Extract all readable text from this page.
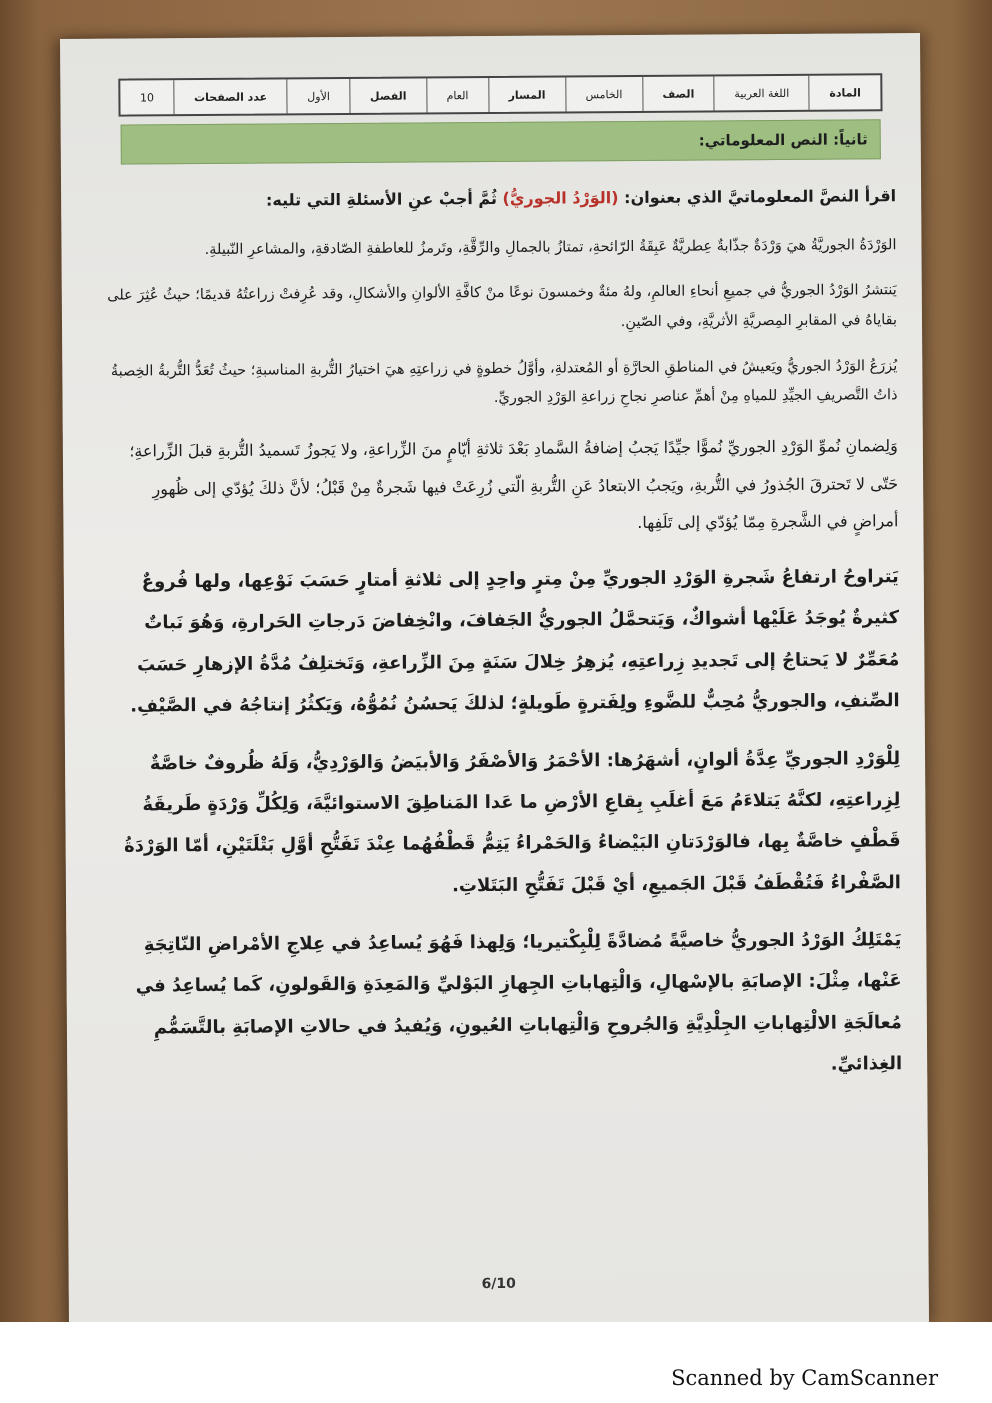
المادة
اللغة العربية
الصف
الخامس
المسار
العام
الفصل
الأول
عدد الصفحات
10
ثانياً: النص المعلوماتي:

اقرأ النصَّ المعلوماتيَّ الذي بعنوان: (الوَرْدُ الجوريُّ) ثُمَّ أجبْ عنِ الأسئلةِ التي تليه:

الوَرْدَةُ الجوريَّةُ هيَ وَرْدَةٌ جذّابةٌ عِطريَّةٌ عَبِقَةُ الرّائحةِ، تمتازُ بالجمالِ والرِّقَّةِ، وتَرمزُ للعاطفةِ الصّادقةِ، والمشاعرِ النّبيلةِ.

يَنتشرُ الوَرْدُ الجوريُّ في جميعِ أنحاءِ العالمِ، ولهُ مئةٌ وخمسونَ نوعًا منْ كافَّةِ الألوانِ والأشكالِ، وقد عُرِفتْ زراعتُهُ قديمًا؛ حيثُ عُثِرَ على بقاياهُ في المقابرِ المِصريَّةِ الأثريَّةِ، وفي الصّينِ.

يُزرَعُ الوَرْدُ الجوريُّ ويَعيشُ في المناطقِ الحارَّةِ أو المُعتدلةِ، وأوَّلُ خطوةٍ في زراعتِهِ هيَ اختيارُ التُّربةِ المناسبةِ؛ حيثُ تُعَدُّ التُّربةُ الخِصبةُ ذاتُ التَّصريفِ الجيِّدِ للمياهِ مِنْ أهمِّ عناصرِ نجاحِ زراعةِ الوَرْدِ الجوريِّ.

وَلِضمانِ نُموِّ الوَرْدِ الجوريِّ نُموًّا جيِّدًا يَجبُ إضافةُ السَّمادِ بَعْدَ ثلاثةِ أيّامٍ منَ الزِّراعةِ، ولا يَجوزُ تَسميدُ التُّربةِ قبلَ الزِّراعةِ؛ حَتّى لا تَحترقَ الجُذورُ في التُّربةِ، ويَجبُ الابتعادُ عَنِ التُّربةِ الّتي زُرِعَتْ فيها شَجرةٌ مِنْ قَبْلُ؛ لأنَّ ذلكَ يُؤدّي إلى ظُهورِ أمراضٍ في الشَّجرةِ مِمّا يُؤدّي إلى تَلَفِها.

يَتراوحُ ارتفاعُ شَجرةِ الوَرْدِ الجوريِّ مِنْ مِترٍ واحِدٍ إلى ثلاثةِ أمتارٍ حَسَبَ نَوْعِها، ولها فُروعٌ كثيرةٌ يُوجَدُ عَلَيْها أشواكٌ، وَيَتحمَّلُ الجوريُّ الجَفافَ، وانْخِفاضَ دَرجاتِ الحَرارةِ، وَهُوَ نَباتٌ مُعَمِّرٌ لا يَحتاجُ إلى تَجديدِ زِراعتِهِ، يُزهِرُ خِلالَ سَنَةٍ مِنَ الزِّراعةِ، وَتَختلِفُ مُدَّةُ الإزهارِ حَسَبَ الصِّنفِ، والجوريُّ مُحِبٌّ للضَّوءِ ولِفَترةٍ طَويلةٍ؛ لذلكَ يَحسُنُ نُمُوُّهُ، وَيَكثُرُ إنتاجُهُ في الصَّيْفِ.

لِلْوَرْدِ الجوريِّ عِدَّةُ ألوانٍ، أشهَرُها: الأحْمَرُ وَالأصْفَرُ وَالأبيَضُ وَالوَرْدِيُّ، وَلَهُ ظُروفٌ خاصَّةٌ لِزِراعتِهِ، لكنَّهُ يَتلاءَمُ مَعَ أغلَبِ بِقاعِ الأرْضِ ما عَدا المَناطِقَ الاستوائيَّةَ، وَلِكُلِّ وَرْدَةٍ طَريقَةُ قَطْفٍ خاصَّةٌ بِها، فالوَرْدَتانِ البَيْضاءُ وَالحَمْراءُ يَتِمُّ قَطْفُهُما عِنْدَ تَفَتُّحِ أوَّلِ بَتْلَتَيْنِ، أمّا الوَرْدَةُ الصَّفْراءُ فَتُقْطَفُ قَبْلَ الجَميعِ، أيْ قَبْلَ تَفَتُّحِ البَتَلاتِ.

يَمْتَلِكُ الوَرْدُ الجوريُّ خاصيَّةً مُضادَّةً لِلْبِكْتيريا؛ وَلِهذا فَهُوَ يُساعِدُ في عِلاجِ الأمْراضِ النّاتِجَةِ عَنْها، مِثْلَ: الإصابَةِ بالإسْهالِ، وَالْتِهاباتِ الجِهازِ البَوْليِّ وَالمَعِدَةِ وَالقَولونِ، كَما يُساعِدُ في مُعالَجَةِ الالْتِهاباتِ الجِلْدِيَّةِ وَالجُروحِ وَالْتِهاباتِ العُيونِ، وَيُفيدُ في حالاتِ الإصابَةِ بالتَّسَمُّمِ الغِذائيِّ.

6/10
Scanned by CamScanner
